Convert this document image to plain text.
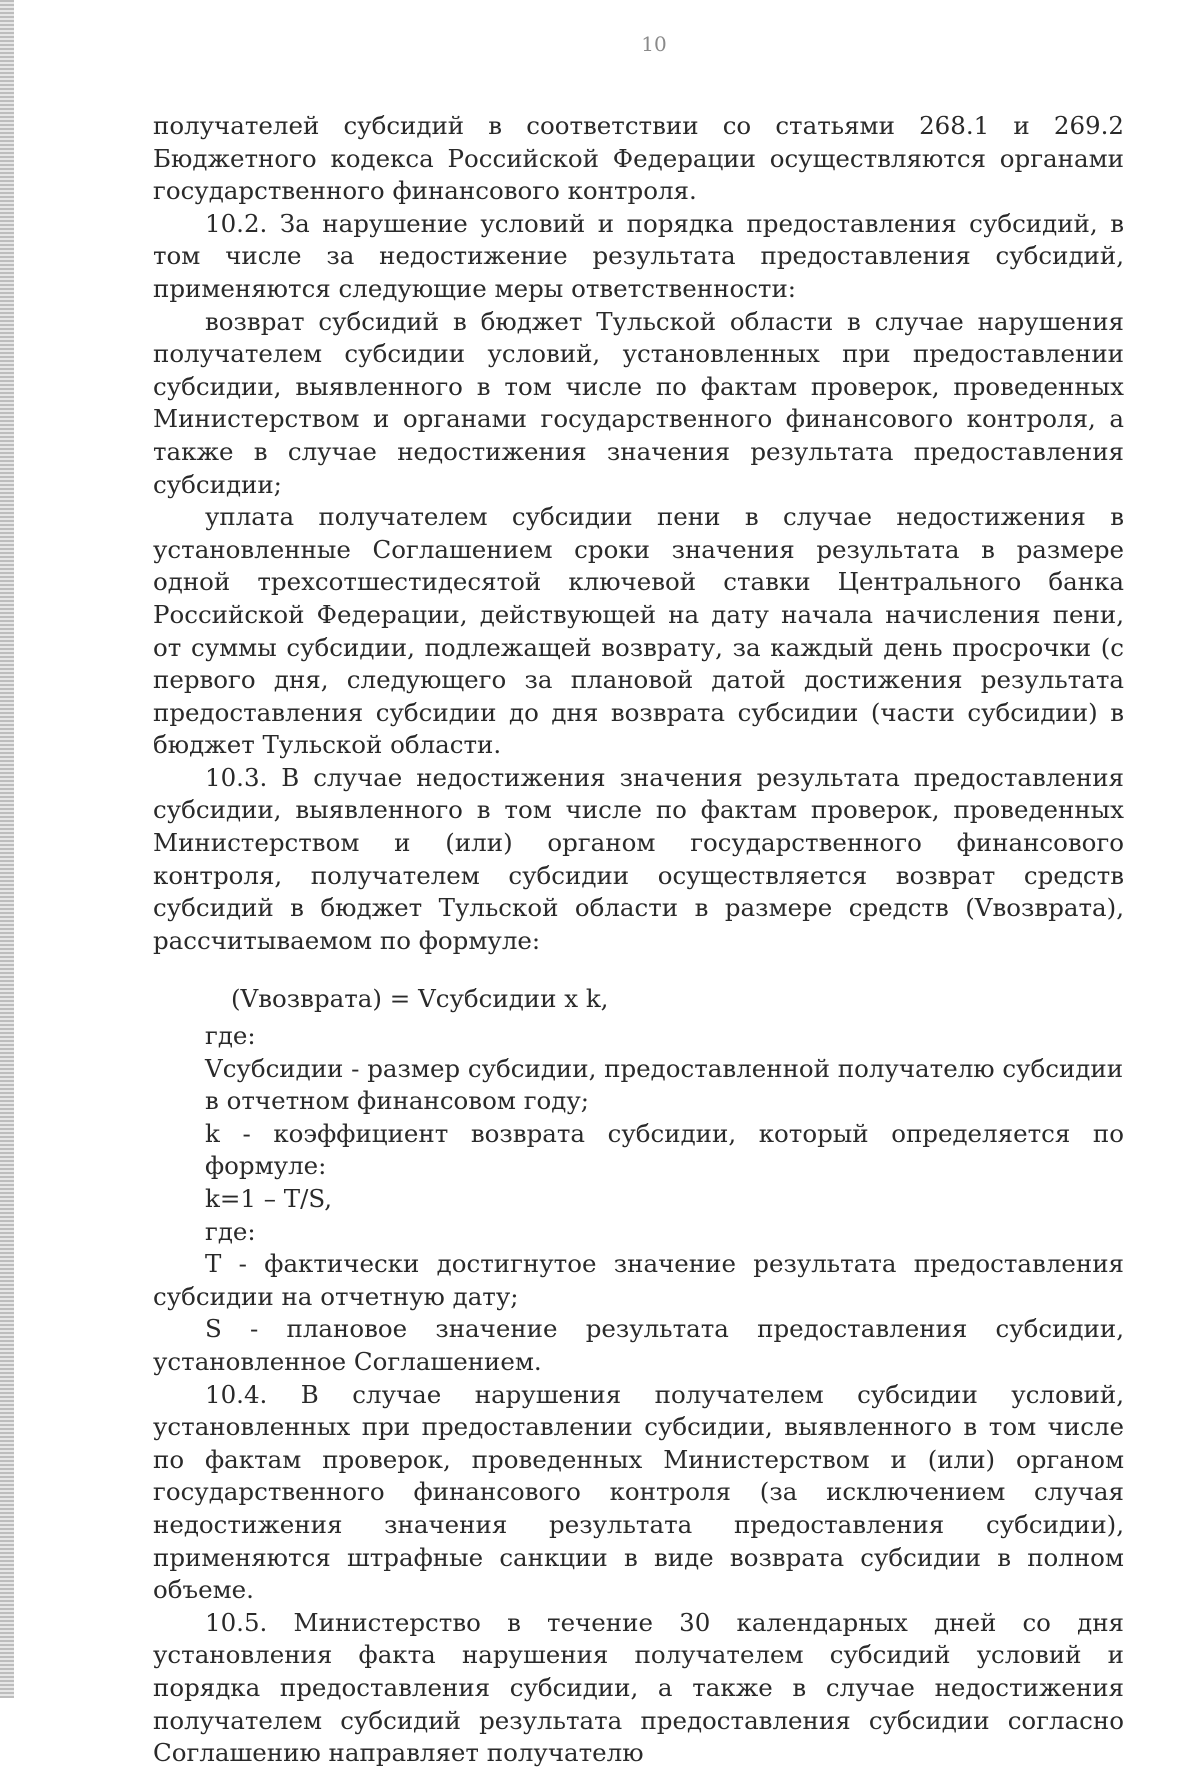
10

получателей субсидий в соответствии со статьями 268.1 и 269.2 Бюджетного кодекса Российской Федерации осуществляются органами государственного финансового контроля.

10.2. За нарушение условий и порядка предоставления субсидий, в том числе за недостижение результата предоставления субсидий, применяются следующие меры ответственности:

возврат субсидий в бюджет Тульской области в случае нарушения получателем субсидии условий, установленных при предоставлении субсидии, выявленного в том числе по фактам проверок, проведенных Министерством и органами государственного финансового контроля, а также в случае недостижения значения результата предоставления субсидии;

уплата получателем субсидии пени в случае недостижения в установленные Соглашением сроки значения результата в размере одной трехсотшестидесятой ключевой ставки Центрального банка Российской Федерации, действующей на дату начала начисления пени, от суммы субсидии, подлежащей возврату, за каждый день просрочки (с первого дня, следующего за плановой датой достижения результата предоставления субсидии до дня возврата субсидии (части субсидии) в бюджет Тульской области.

10.3. В случае недостижения значения результата предоставления субсидии, выявленного в том числе по фактам проверок, проведенных Министерством и (или) органом государственного финансового контроля, получателем субсидии осуществляется возврат средств субсидий в бюджет Тульской области в размере средств (Vвозврата), рассчитываемом по формуле:

(Vвозврата) = Vсубсидии х k,

где:

Vсубсидии - размер субсидии, предоставленной получателю субсидии

в отчетном финансовом году;

k - коэффициент возврата субсидии, который определяется по формуле:

k=1 – T/S,

где:

Т - фактически достигнутое значение результата предоставления субсидии на отчетную дату;

S - плановое значение результата предоставления субсидии, установленное Соглашением.

10.4. В случае нарушения получателем субсидии условий, установленных при предоставлении субсидии, выявленного в том числе по фактам проверок, проведенных Министерством и (или) органом государственного финансового контроля (за исключением случая недостижения значения результата предоставления субсидии), применяются штрафные санкции в виде возврата субсидии в полном объеме.

10.5. Министерство в течение 30 календарных дней со дня установления факта нарушения получателем субсидий условий и порядка предоставления субсидии, а также в случае недостижения получателем субсидий результата предоставления субсидии согласно Соглашению направляет получателю
